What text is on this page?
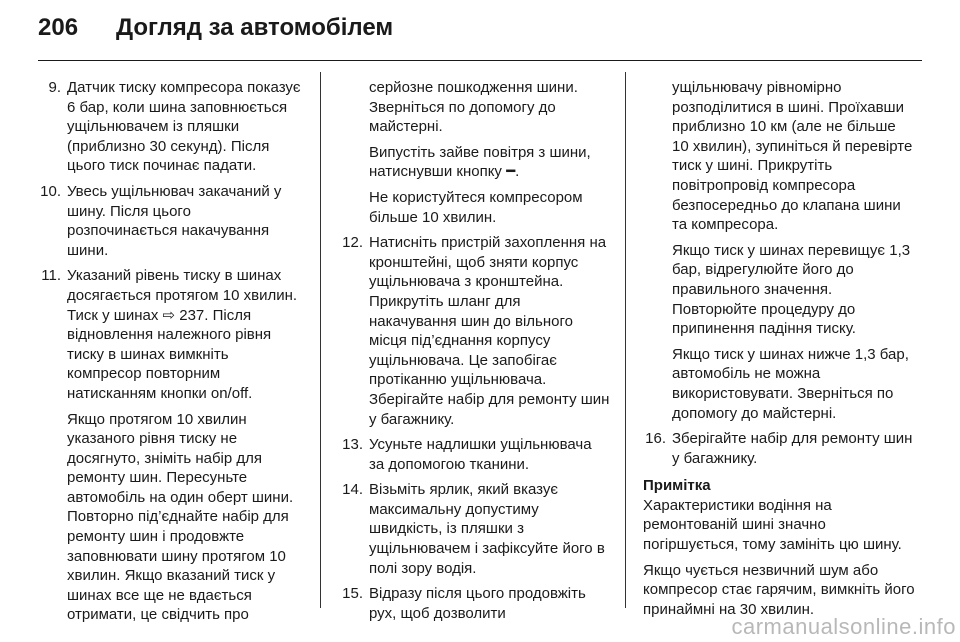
206	Догляд за автомобілем
9. Датчик тиску компресора показує 6 бар, коли шина заповнюється ущільнювачем із пляшки (приблизно 30 секунд). Після цього тиск починає падати.
10. Увесь ущільнювач закачаний у шину. Після цього розпочинається накачування шини.
11. Указаний рівень тиску в шинах досягається протягом 10 хвилин. Тиск у шинах ⇨ 237. Після відновлення належного рівня тиску в шинах вимкніть компресор повторним натисканням кнопки on/off.
Якщо протягом 10 хвилин указаного рівня тиску не досягнуто, зніміть набір для ремонту шин. Пересуньте автомобіль на один оберт шини. Повторно під’єднайте набір для ремонту шин і продовжте заповнювати шину протягом 10 хвилин. Якщо вказаний тиск у шинах все ще не вдається отримати, це свідчить про
серйозне пошкодження шини. Зверніться по допомогу до майстерні.
Випустіть зайве повітря з шини, натиснувши кнопку ━.
Не користуйтеся компресором більше 10 хвилин.
12. Натисніть пристрій захоплення на кронштейні, щоб зняти корпус ущільнювача з кронштейна. Прикрутіть шланг для накачування шин до вільного місця під’єднання корпусу ущільнювача. Це запобігає протіканню ущільнювача. Зберігайте набір для ремонту шин у багажнику.
13. Усуньте надлишки ущільнювача за допомогою тканини.
14. Візьміть ярлик, який вказує максимальну допустиму швидкість, із пляшки з ущільнювачем і зафіксуйте його в полі зору водія.
15. Відразу після цього продовжіть рух, щоб дозволити
ущільнювачу рівномірно розподілитися в шині. Проїхавши приблизно 10 км (але не більше 10 хвилин), зупиніться й перевірте тиск у шині. Прикрутіть повітропровід компресора безпосередньо до клапана шини та компресора.
Якщо тиск у шинах перевищує 1,3 бар, відрегулюйте його до правильного значення. Повторюйте процедуру до припинення падіння тиску.
Якщо тиск у шинах нижче 1,3 бар, автомобіль не можна використовувати. Зверніться по допомогу до майстерні.
16. Зберігайте набір для ремонту шин у багажнику.
Примітка
Характеристики водіння на ремонтованій шині значно погіршується, тому замініть цю шину.
Якщо чується незвичний шум або компресор стає гарячим, вимкніть його принаймні на 30 хвилин.
carmanualsonline.info
